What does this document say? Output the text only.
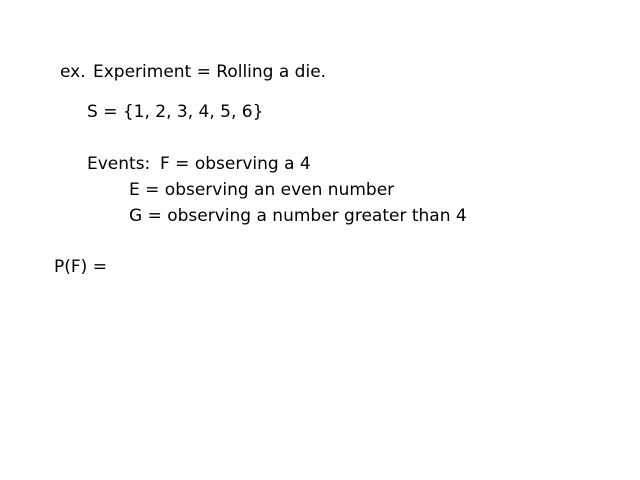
ex. Experiment = Rolling a die.
S = {1, 2, 3, 4, 5, 6}
Events: F = observing a 4
E = observing an even number
G = observing a number greater than 4
P(F) =
